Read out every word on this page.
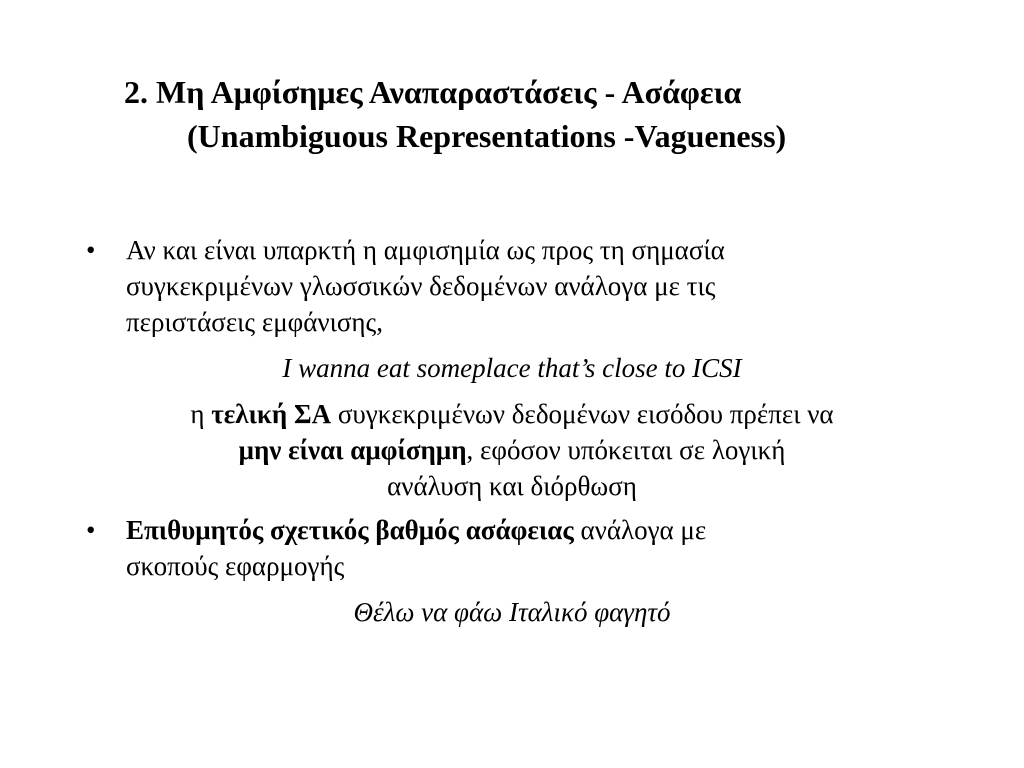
2. Μη Αμφίσημες Αναπαραστάσεις - Ασάφεια
(Unambiguous Representations -Vagueness)
• Αν και είναι υπαρκτή η αμφισημία ως προς τη σημασία
συγκεκριμένων γλωσσικών δεδομένων ανάλογα με τις
περιστάσεις εμφάνισης,
I wanna eat someplace that’s close to ICSI
η τελική ΣΑ συγκεκριμένων δεδομένων εισόδου πρέπει να
μην είναι αμφίσημη, εφόσον υπόκειται σε λογική
ανάλυση και διόρθωση
• Επιθυμητός σχετικός βαθμός ασάφειας ανάλογα με
σκοπούς εφαρμογής
Θέλω να φάω Ιταλικό φαγητό
